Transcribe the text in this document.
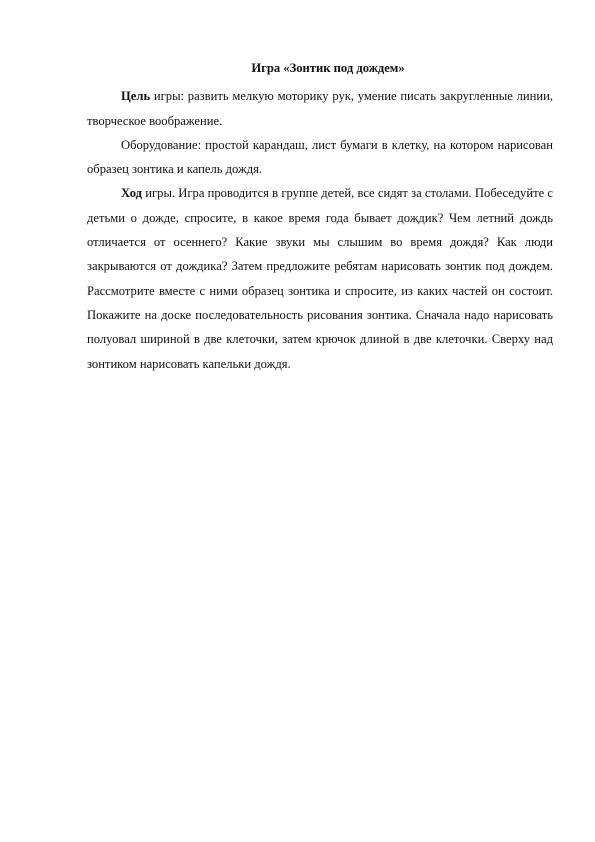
Игра «Зонтик под дождем»

Цель игры: развить мелкую моторику рук, умение писать закругленные линии, творческое воображение.

Оборудование: простой карандаш, лист бумаги в клетку, на котором нарисован образец зонтика и капель дождя.

Ход игры. Игра проводится в группе детей, все сидят за столами. Побеседуйте с детьми о дожде, спросите, в какое время года бывает дождик? Чем летний дождь отличается от осеннего? Какие звуки мы слышим во время дождя? Как люди закрываются от дождика? Затем предложите ребятам нарисовать зонтик под дождем. Рассмотрите вместе с ними образец зонтика и спросите, из каких частей он состоит. Покажите на доске последовательность рисования зонтика. Сначала надо нарисовать полуовал шириной в две клеточки, затем крючок длиной в две клеточки. Сверху над зонтиком нарисовать капельки дождя.
